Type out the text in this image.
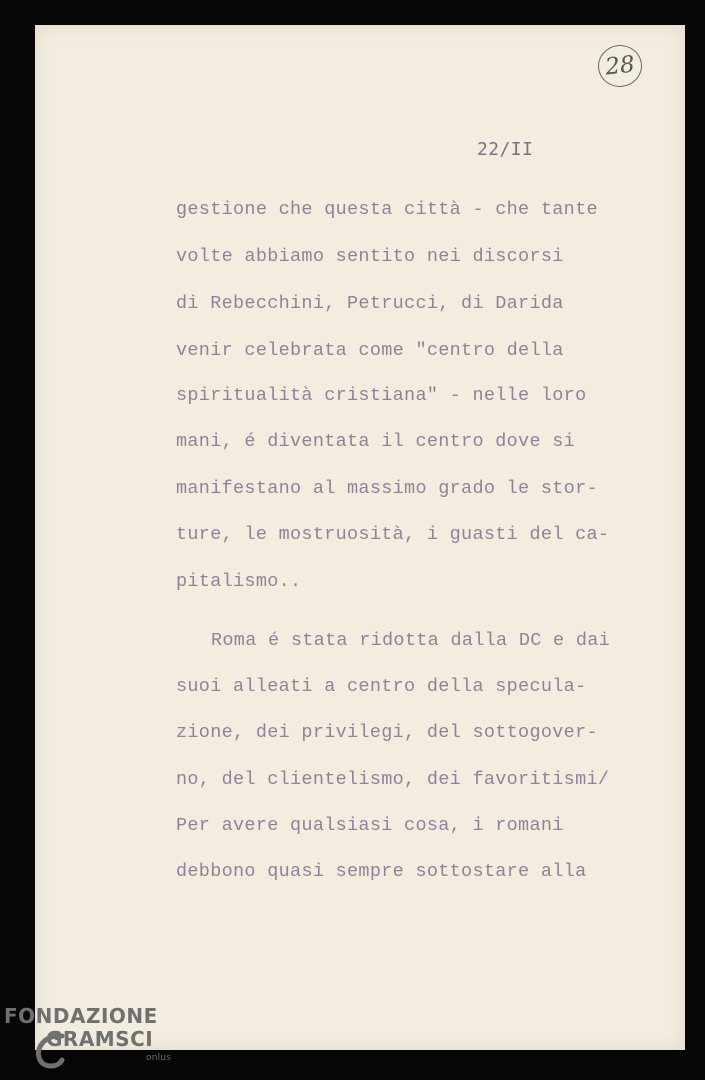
28
22/II

gestione che questa città - che tante

volte abbiamo sentito nei discorsi

di Rebecchini, Petrucci, di Darida

venir celebrata come "centro della

spiritualità cristiana" - nelle loro

mani, é diventata il centro dove si

manifestano al massimo grado le stor-

ture, le mostruosità, i guasti del ca-

pitalismo..

Roma é stata ridotta dalla DC e dai

suoi alleati a centro della specula-

zione, dei privilegi, del sottogover-

no, del clientelismo, dei favoritismi/

Per avere qualsiasi cosa, i romani

debbono quasi sempre sottostare alla

FONDAZIONE
GRAMSCI
onlus
